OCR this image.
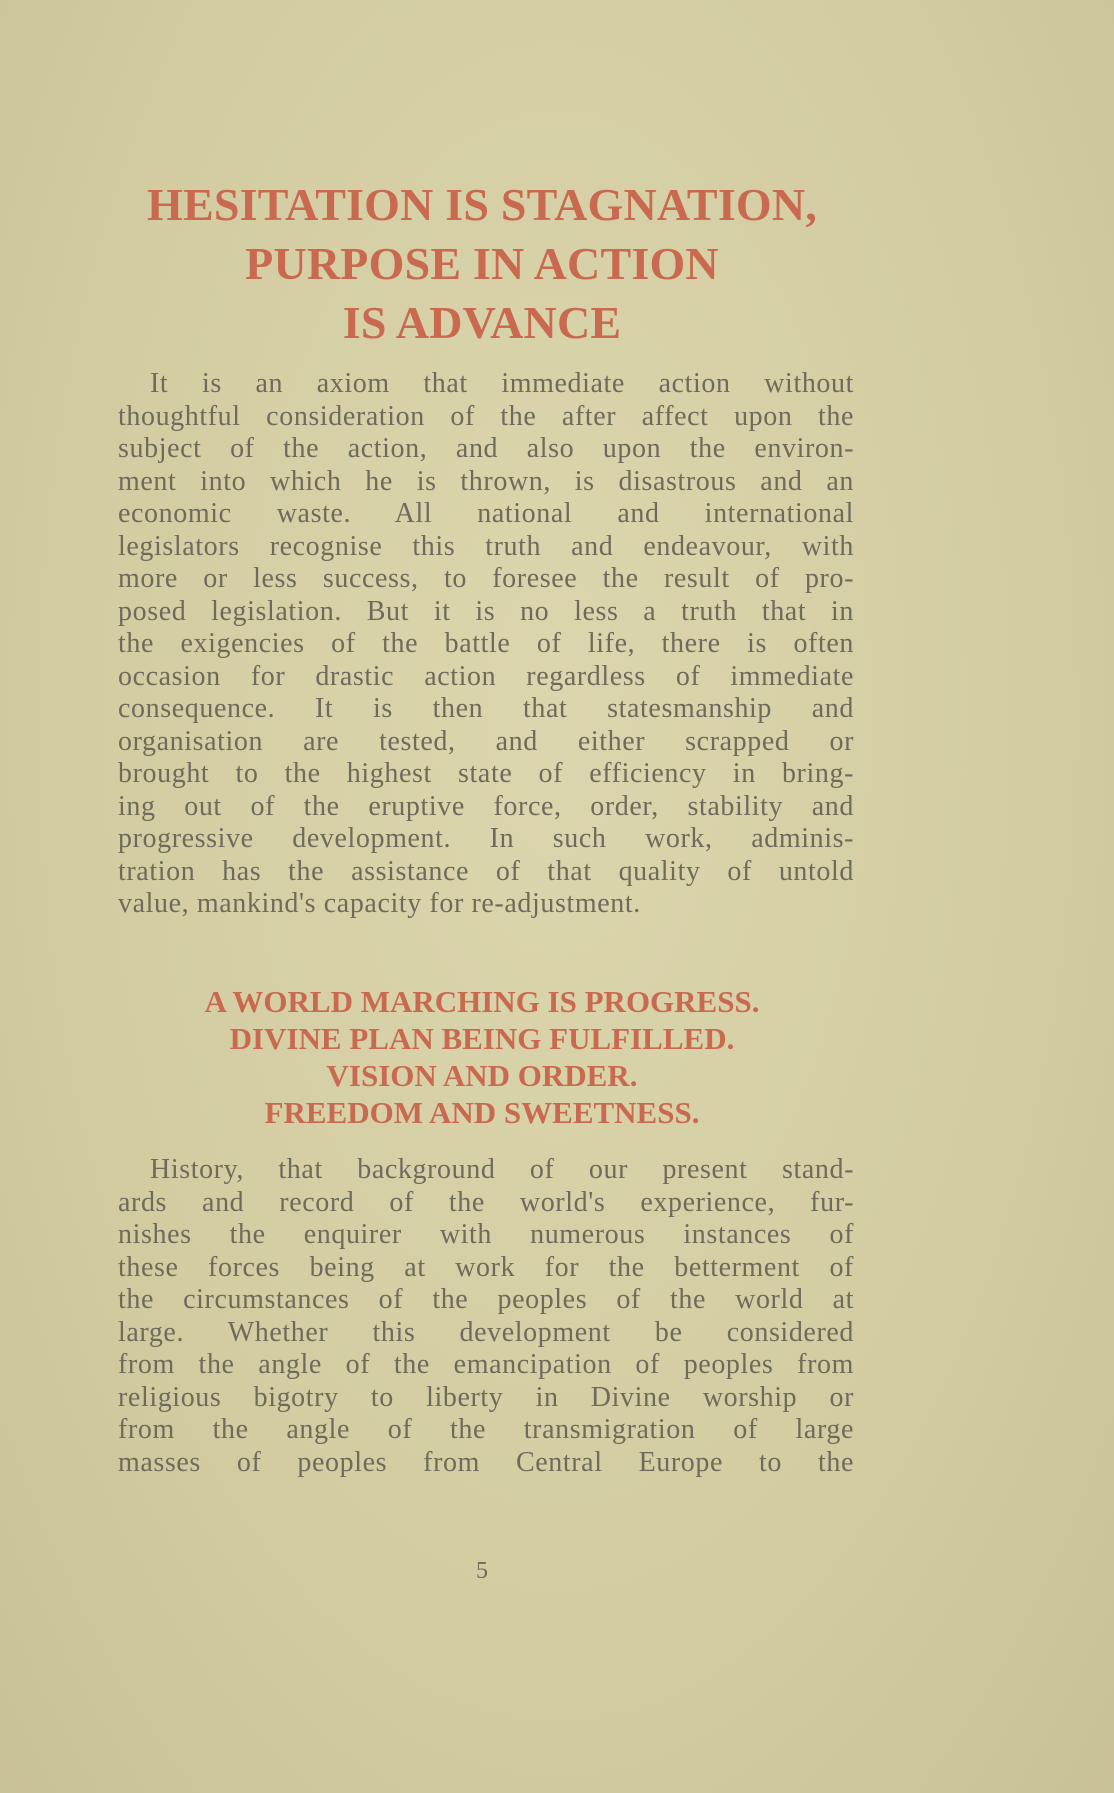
HESITATION IS STAGNATION,
PURPOSE IN ACTION
IS ADVANCE

It is an axiom that immediate action without
thoughtful consideration of the after affect upon the
subject of the action, and also upon the environ-
ment into which he is thrown, is disastrous and an
economic waste. All national and international
legislators recognise this truth and endeavour, with
more or less success, to foresee the result of pro-
posed legislation. But it is no less a truth that in
the exigencies of the battle of life, there is often
occasion for drastic action regardless of immediate
consequence. It is then that statesmanship and
organisation are tested, and either scrapped or
brought to the highest state of efficiency in bring-
ing out of the eruptive force, order, stability and
progressive development. In such work, adminis-
tration has the assistance of that quality of untold
value, mankind's capacity for re-adjustment.

A WORLD MARCHING IS PROGRESS.
DIVINE PLAN BEING FULFILLED.
VISION AND ORDER.
FREEDOM AND SWEETNESS.

History, that background of our present stand-
ards and record of the world's experience, fur-
nishes the enquirer with numerous instances of
these forces being at work for the betterment of
the circumstances of the peoples of the world at
large. Whether this development be considered
from the angle of the emancipation of peoples from
religious bigotry to liberty in Divine worship or
from the angle of the transmigration of large
masses of peoples from Central Europe to the

5
